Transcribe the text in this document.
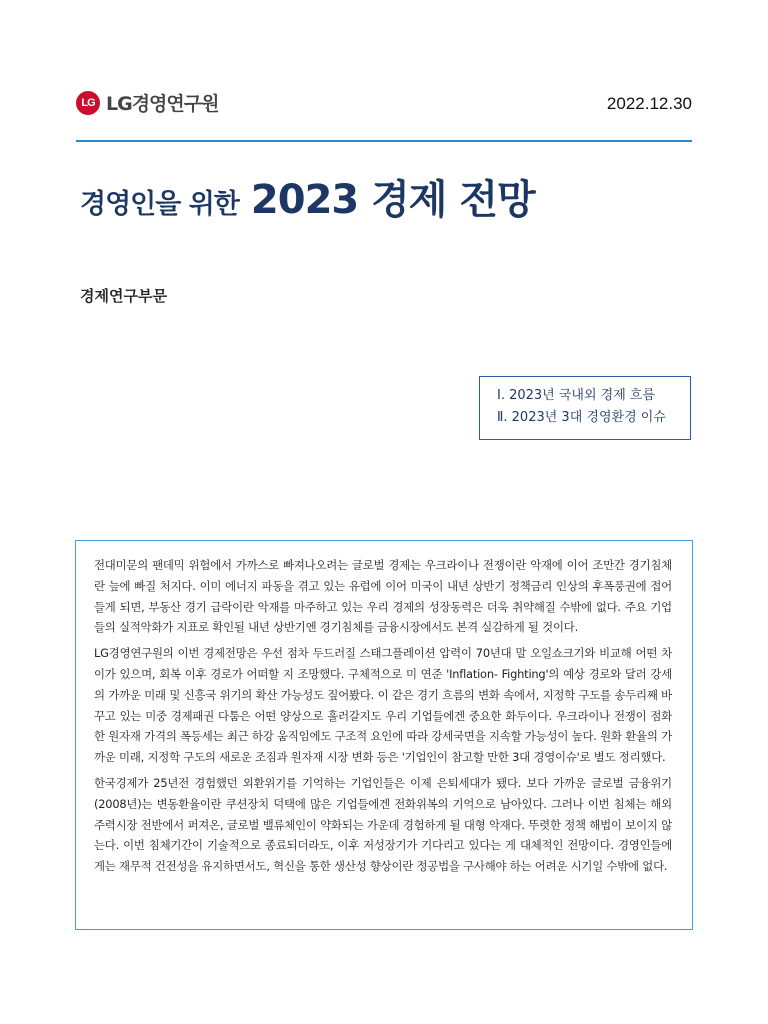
LG LG경영연구원	2022.12.30
경영인을 위한 2023 경제 전망
경제연구부문
Ⅰ. 2023년 국내외 경제 흐름
Ⅱ. 2023년 3대 경영환경 이슈

전대미문의 팬데믹 위험에서 가까스로 빠져나오려는 글로벌 경제는 우크라이나 전쟁이란 악재에 이어 조만간 경기침체란 늪에 빠질 처지다. 이미 에너지 파동을 겪고 있는 유럽에 이어 미국이 내년 상반기 정책금리 인상의 후폭풍권에 접어들게 되면, 부동산 경기 급락이란 악재를 마주하고 있는 우리 경제의 성장동력은 더욱 취약해질 수밖에 없다. 주요 기업들의 실적악화가 지표로 확인될 내년 상반기엔 경기침체를 금융시장에서도 본격 실감하게 될 것이다.

LG경영연구원의 이번 경제전망은 우선 점차 두드러질 스태그플레이션 압력이 70년대 말 오일쇼크기와 비교해 어떤 차이가 있으며, 회복 이후 경로가 어떠할 지 조망했다. 구체적으로 미 연준 'Inflation- Fighting'의 예상 경로와 달러 강세의 가까운 미래 및 신흥국 위기의 확산 가능성도 짚어봤다. 이 같은 경기 흐름의 변화 속에서, 지정학 구도를 송두리째 바꾸고 있는 미중 경제패권 다툼은 어떤 양상으로 흘러갈지도 우리 기업들에겐 중요한 화두이다. 우크라이나 전쟁이 점화한 원자재 가격의 폭등세는 최근 하강 움직임에도 구조적 요인에 따라 강세국면을 지속할 가능성이 높다. 원화 환율의 가까운 미래, 지정학 구도의 새로운 조짐과 원자재 시장 변화 등은 '기업인이 참고할 만한 3대 경영이슈'로 별도 정리했다.

한국경제가 25년전 경험했던 외환위기를 기억하는 기업인들은 이제 은퇴세대가 됐다. 보다 가까운 글로벌 금융위기(2008년)는 변동환율이란 쿠션장치 덕택에 많은 기업들에겐 전화위복의 기억으로 남아있다. 그러나 이번 침체는 해외 주력시장 전반에서 퍼져온, 글로벌 밸류체인이 약화되는 가운데 경험하게 될 대형 악재다. 뚜렷한 정책 해법이 보이지 않는다. 이번 침체기간이 기술적으로 종료되더라도, 이후 저성장기가 기다리고 있다는 게 대체적인 전망이다. 경영인들에게는 재무적 건전성을 유지하면서도, 혁신을 통한 생산성 향상이란 정공법을 구사해야 하는 어려운 시기일 수밖에 없다.
